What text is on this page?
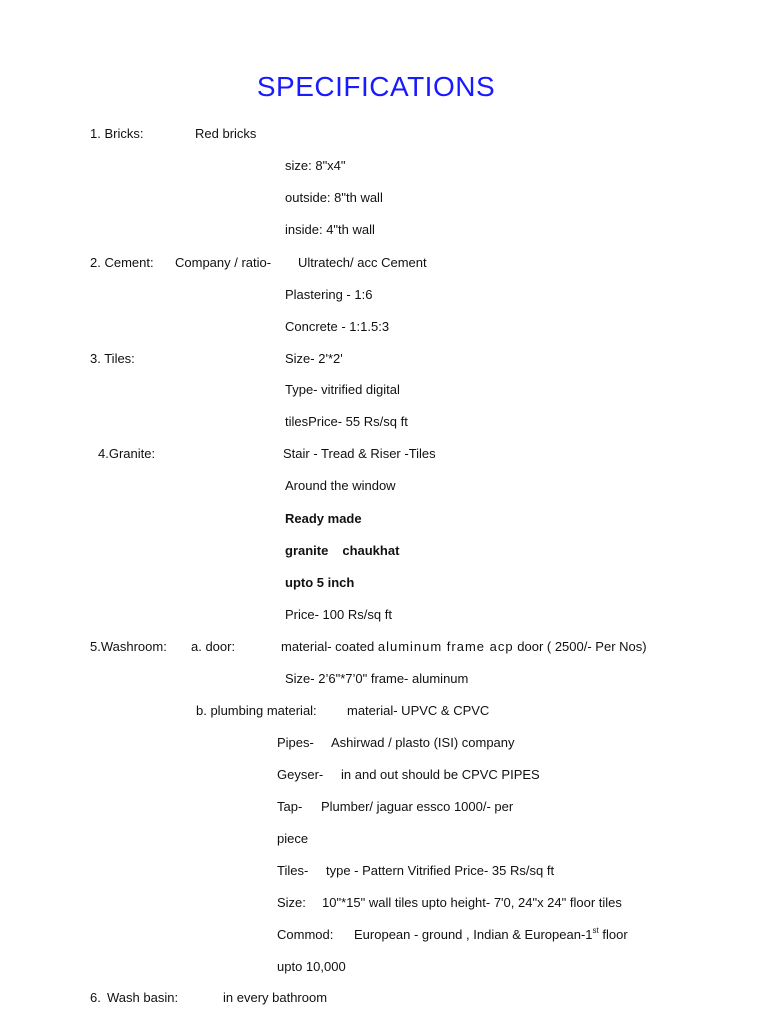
SPECIFICATIONS
1. Bricks:	Red bricks
size: 8"x4"
outside: 8"th wall
inside: 4"th wall
2. Cement: Company / ratio- Ultratech/ acc Cement
Plastering - 1:6
Concrete - 1:1.5:3
3. Tiles:	Size- 2'*2'
Type- vitrified digital
tilesPrice- 55 Rs/sq ft
4.Granite:	Stair - Tread & Riser -Tiles
Around the window
Ready made
granite chaukhat
upto 5 inch
Price- 100 Rs/sq ft
5.Washroom: a. door:	material- coated aluminum frame acp door ( 2500/- Per Nos)
Size- 2’6"*7’0" frame- aluminum
b. plumbing material: material- UPVC & CPVC
Pipes- Ashirwad / plasto (ISI) company
Geyser- in and out should be CPVC PIPES
Tap- Plumber/ jaguar essco 1000/- per
piece
Tiles- type - Pattern Vitrified Price- 35 Rs/sq ft
Size: 10"*15" wall tiles upto height- 7'0, 24"x 24" floor tiles
Commod: European - ground , Indian & European-1st floor
upto 10,000
6. Wash basin:	in every bathroom
